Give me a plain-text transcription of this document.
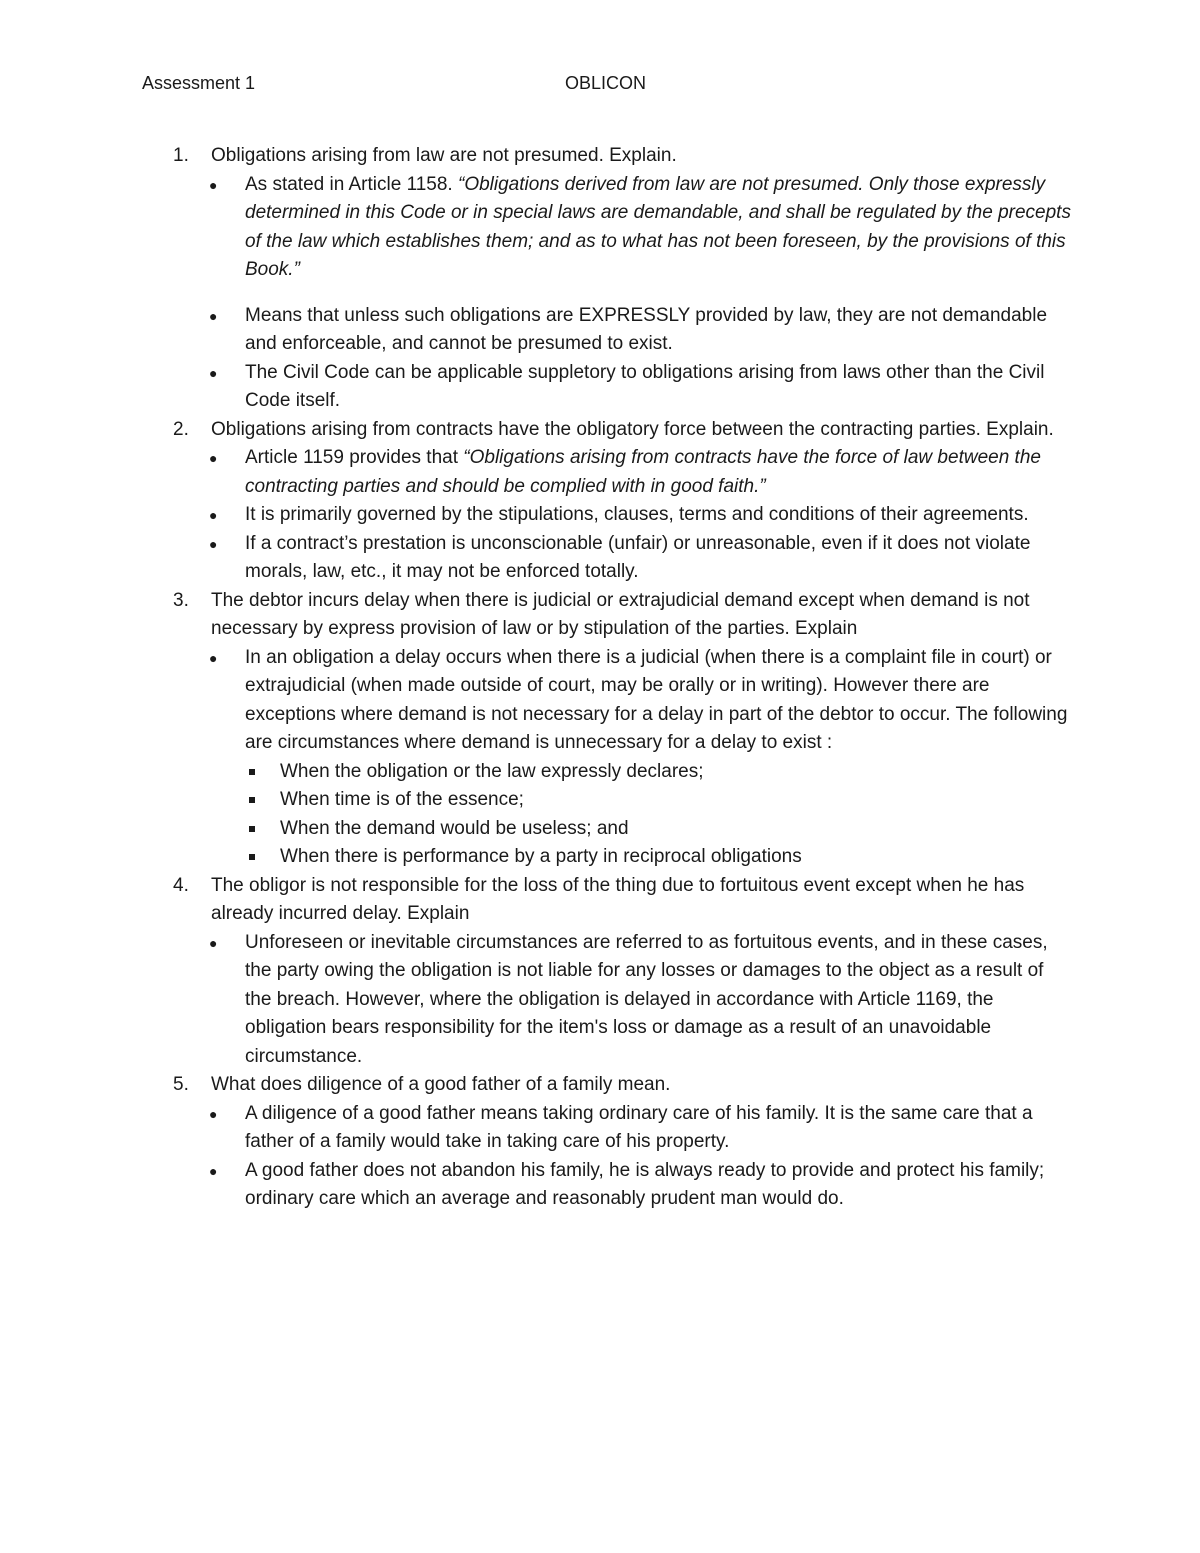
Assessment 1	OBLICON
1. Obligations arising from law are not presumed. Explain.
● As stated in Article 1158. “Obligations derived from law are not presumed. Only those expressly determined in this Code or in special laws are demandable, and shall be regulated by the precepts of the law which establishes them; and as to what has not been foreseen, by the provisions of this Book.”
● Means that unless such obligations are EXPRESSLY provided by law, they are not demandable and enforceable, and cannot be presumed to exist.
● The Civil Code can be applicable suppletory to obligations arising from laws other than the Civil Code itself.
2. Obligations arising from contracts have the obligatory force between the contracting parties. Explain.
● Article 1159 provides that “Obligations arising from contracts have the force of law between the contracting parties and should be complied with in good faith.”
● It is primarily governed by the stipulations, clauses, terms and conditions of their agreements.
● If a contract’s prestation is unconscionable (unfair) or unreasonable, even if it does not violate morals, law, etc., it may not be enforced totally.
3. The debtor incurs delay when there is judicial or extrajudicial demand except when demand is not necessary by express provision of law or by stipulation of the parties. Explain
● In an obligation a delay occurs when there is a judicial (when there is a complaint file in court) or extrajudicial (when made outside of court, may be orally or in writing). However there are exceptions where demand is not necessary for a delay in part of the debtor to occur. The following are circumstances where demand is unnecessary for a delay to exist :
When the obligation or the law expressly declares;
When time is of the essence;
When the demand would be useless; and
When there is performance by a party in reciprocal obligations
4. The obligor is not responsible for the loss of the thing due to fortuitous event except when he has already incurred delay. Explain
● Unforeseen or inevitable circumstances are referred to as fortuitous events, and in these cases, the party owing the obligation is not liable for any losses or damages to the object as a result of the breach. However, where the obligation is delayed in accordance with Article 1169, the obligation bears responsibility for the item's loss or damage as a result of an unavoidable circumstance.
5. What does diligence of a good father of a family mean.
● A diligence of a good father means taking ordinary care of his family. It is the same care that a father of a family would take in taking care of his property.
● A good father does not abandon his family, he is always ready to provide and protect his family; ordinary care which an average and reasonably prudent man would do.
